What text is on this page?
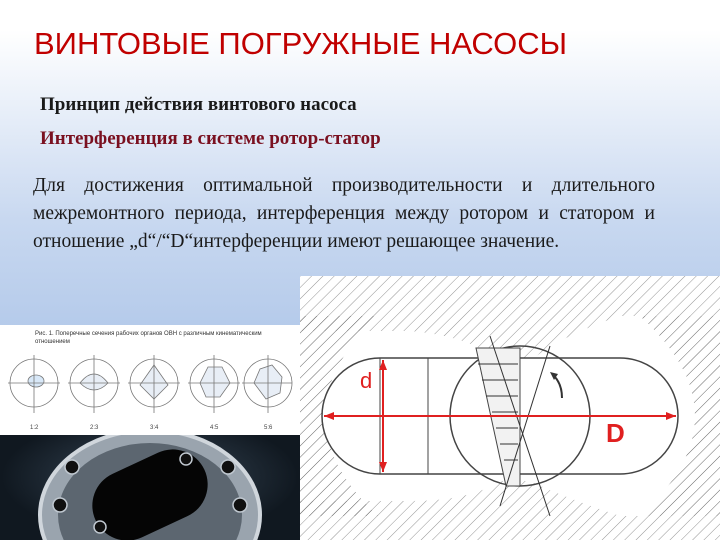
ВИНТОВЫЕ ПОГРУЖНЫЕ НАСОСЫ
Принцип действия винтового насоса
Интерференция в системе ротор-статор

Для достижения оптимальной производительности и длительного межремонтного периода, интерференция между ротором и статором и отношение „d“/“D“интерференции имеют решающее значение.

Рис. 1. Поперечные сечения рабочих органов ОВН с различным кинематическим отношением
1:2	2:3	3:4	4:5	5:6
d
D
